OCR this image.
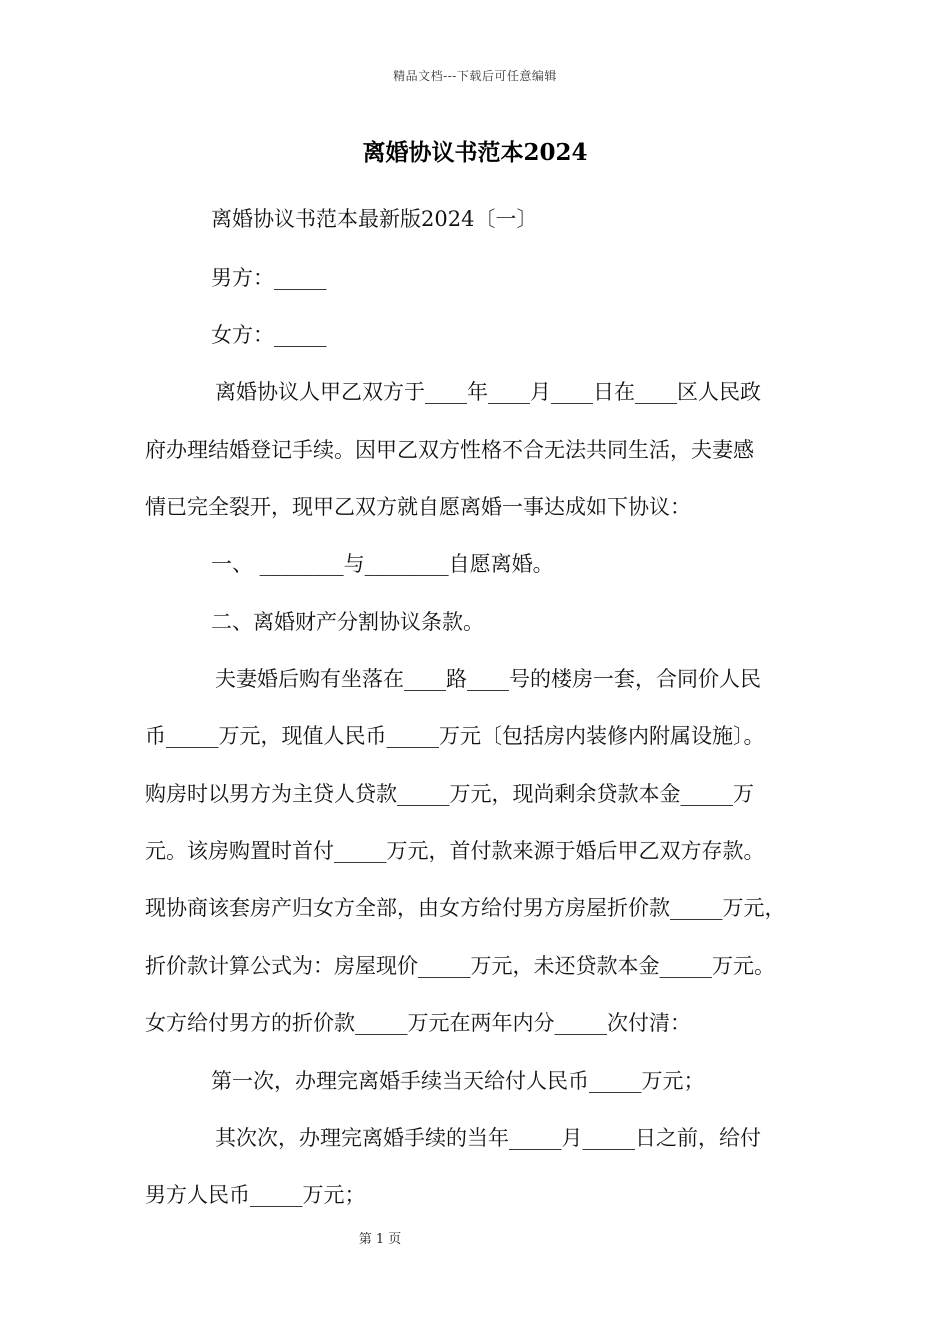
精品文档---下载后可任意编辑
离婚协议书范本2024
离婚协议书范本最新版2024〔一〕
男方：_____
女方：_____
离婚协议人甲乙双方于____年____月____日在____区人民政
府办理结婚登记手续。因甲乙双方性格不合无法共同生活，夫妻感
情已完全裂开，现甲乙双方就自愿离婚一事达成如下协议：
一、 ________与________自愿离婚。
二、离婚财产分割协议条款。
夫妻婚后购有坐落在____路____号的楼房一套，合同价人民
币_____万元，现值人民币_____万元〔包括房内装修内附属设施〕。
购房时以男方为主贷人贷款_____万元，现尚剩余贷款本金_____万
元。该房购置时首付_____万元，首付款来源于婚后甲乙双方存款。
现协商该套房产归女方全部，由女方给付男方房屋折价款_____万元，
折价款计算公式为：房屋现价_____万元，未还贷款本金_____万元。
女方给付男方的折价款_____万元在两年内分_____次付清：
第一次，办理完离婚手续当天给付人民币_____万元；
其次次，办理完离婚手续的当年_____月_____日之前，给付
男方人民币_____万元；
第 1 页
